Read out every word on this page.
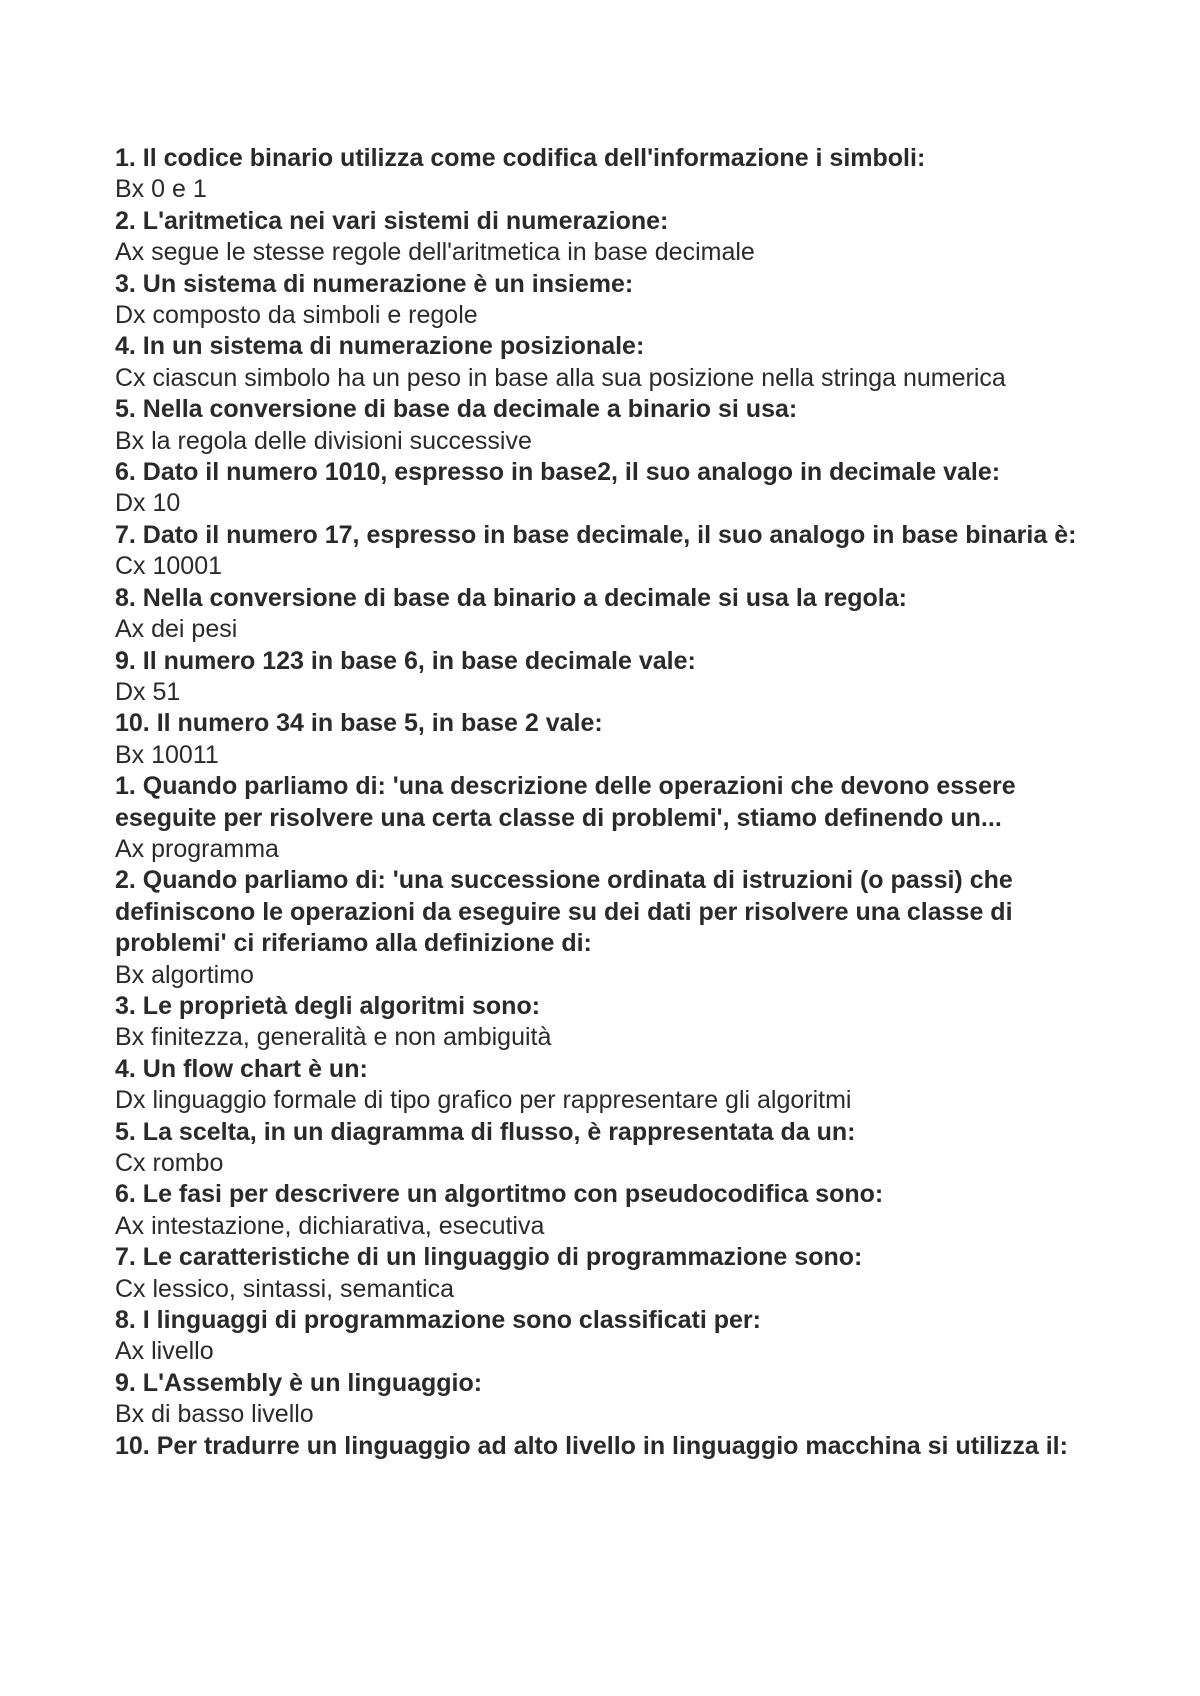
1. Il codice binario utilizza come codifica dell'informazione i simboli:

Bx 0 e 1

2. L'aritmetica nei vari sistemi di numerazione:

Ax segue le stesse regole dell'aritmetica in base decimale

3. Un sistema di numerazione è un insieme:

Dx composto da simboli e regole

4. In un sistema di numerazione posizionale:

Cx ciascun simbolo ha un peso in base alla sua posizione nella stringa numerica

5. Nella conversione di base da decimale a binario si usa:

Bx la regola delle divisioni successive

6. Dato il numero 1010, espresso in base2, il suo analogo in decimale vale:

Dx 10

7. Dato il numero 17, espresso in base decimale, il suo analogo in base binaria è:

Cx 10001

8. Nella conversione di base da binario a decimale si usa la regola:

Ax dei pesi

9. Il numero 123 in base 6, in base decimale vale:

Dx 51

10. Il numero 34 in base 5, in base 2 vale:

Bx 10011

1. Quando parliamo di: 'una descrizione delle operazioni che devono essere eseguite per risolvere una certa classe di problemi', stiamo definendo un...

Ax programma

2. Quando parliamo di: 'una successione ordinata di istruzioni (o passi) che definiscono le operazioni da eseguire su dei dati per risolvere una classe di problemi' ci riferiamo alla definizione di:

Bx algortimo

3. Le proprietà degli algoritmi sono:

Bx finitezza, generalità e non ambiguità

4. Un flow chart è un:

Dx linguaggio formale di tipo grafico per rappresentare gli algoritmi

5. La scelta, in un diagramma di flusso, è rappresentata da un:

Cx rombo

6. Le fasi per descrivere un algortitmo con pseudocodifica sono:

Ax intestazione, dichiarativa, esecutiva

7. Le caratteristiche di un linguaggio di programmazione sono:

Cx lessico, sintassi, semantica

8. I linguaggi di programmazione sono classificati per:

Ax livello

9. L'Assembly è un linguaggio:

Bx di basso livello

10. Per tradurre un linguaggio ad alto livello in linguaggio macchina si utilizza il:
